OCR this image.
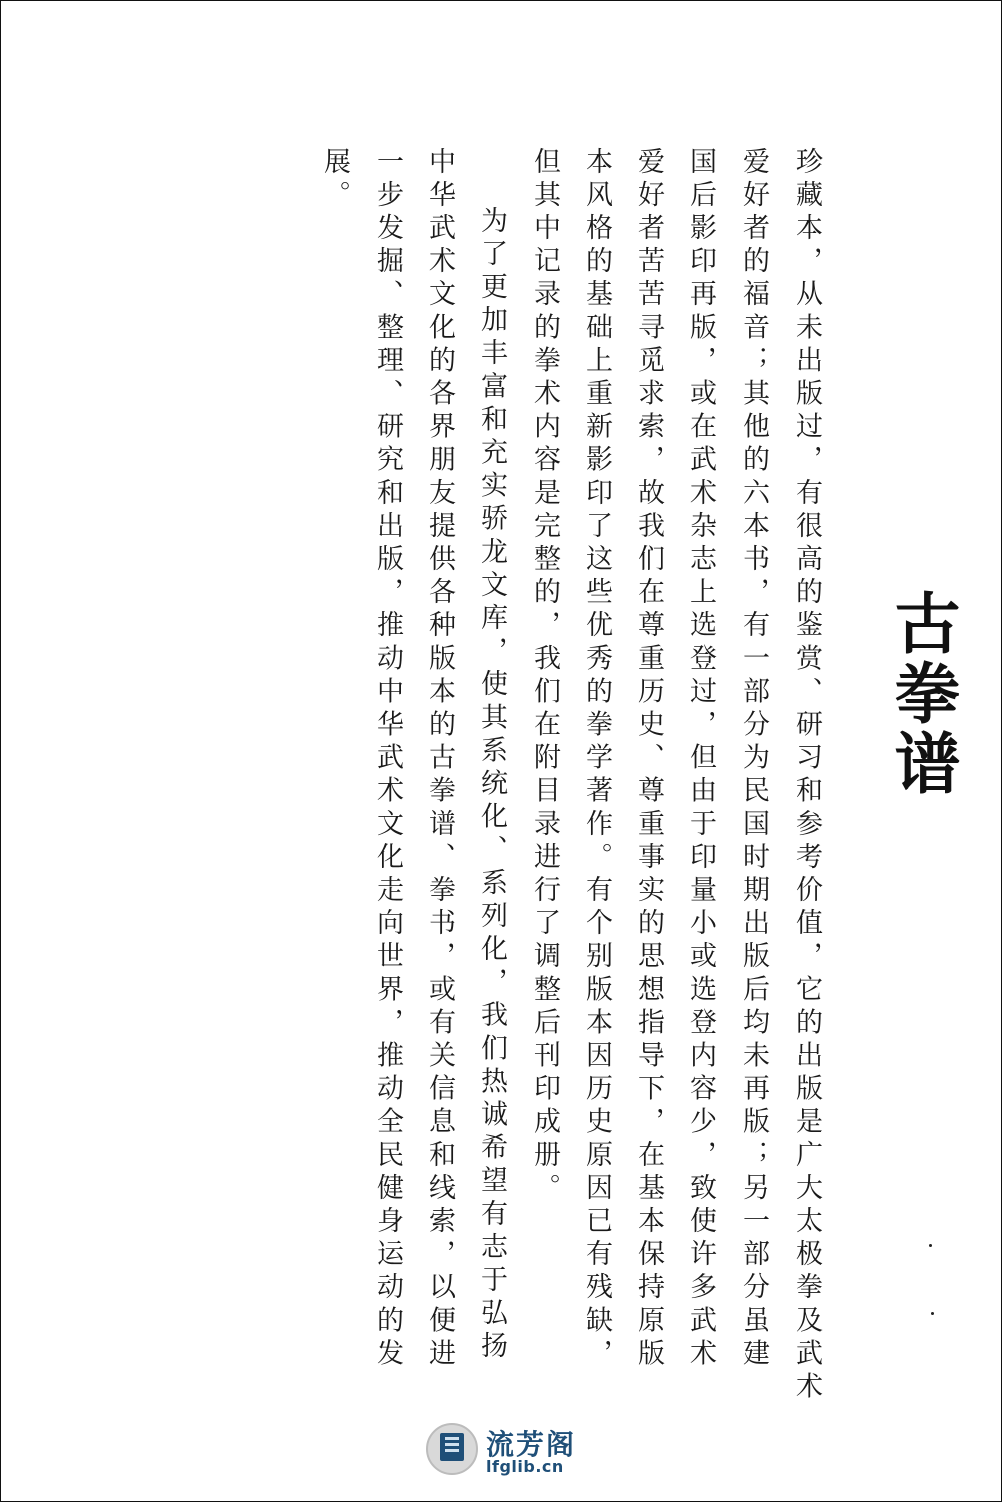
古拳谱
珍藏本，从未出版过，有很高的鉴赏、研习和参考价值，它的出版是广大太极拳及武术
爱好者的福音；其他的六本书，有一部分为民国时期出版后均未再版；另一部分虽建
国后影印再版，或在武术杂志上选登过，但由于印量小或选登内容少，致使许多武术
爱好者苦苦寻觅求索，故我们在尊重历史、尊重事实的思想指导下，在基本保持原版
本风格的基础上重新影印了这些优秀的拳学著作。有个别版本因历史原因已有残缺，
但其中记录的拳术内容是完整的，我们在附目录进行了调整后刊印成册。
为了更加丰富和充实骄龙文库，使其系统化、系列化，我们热诚希望有志于弘扬
中华武术文化的各界朋友提供各种版本的古拳谱、拳书，或有关信息和线索，以便进
一步发掘、整理、研究和出版，推动中华武术文化走向世界，推动全民健身运动的发
展。
流芳阁
lfglib.cn
